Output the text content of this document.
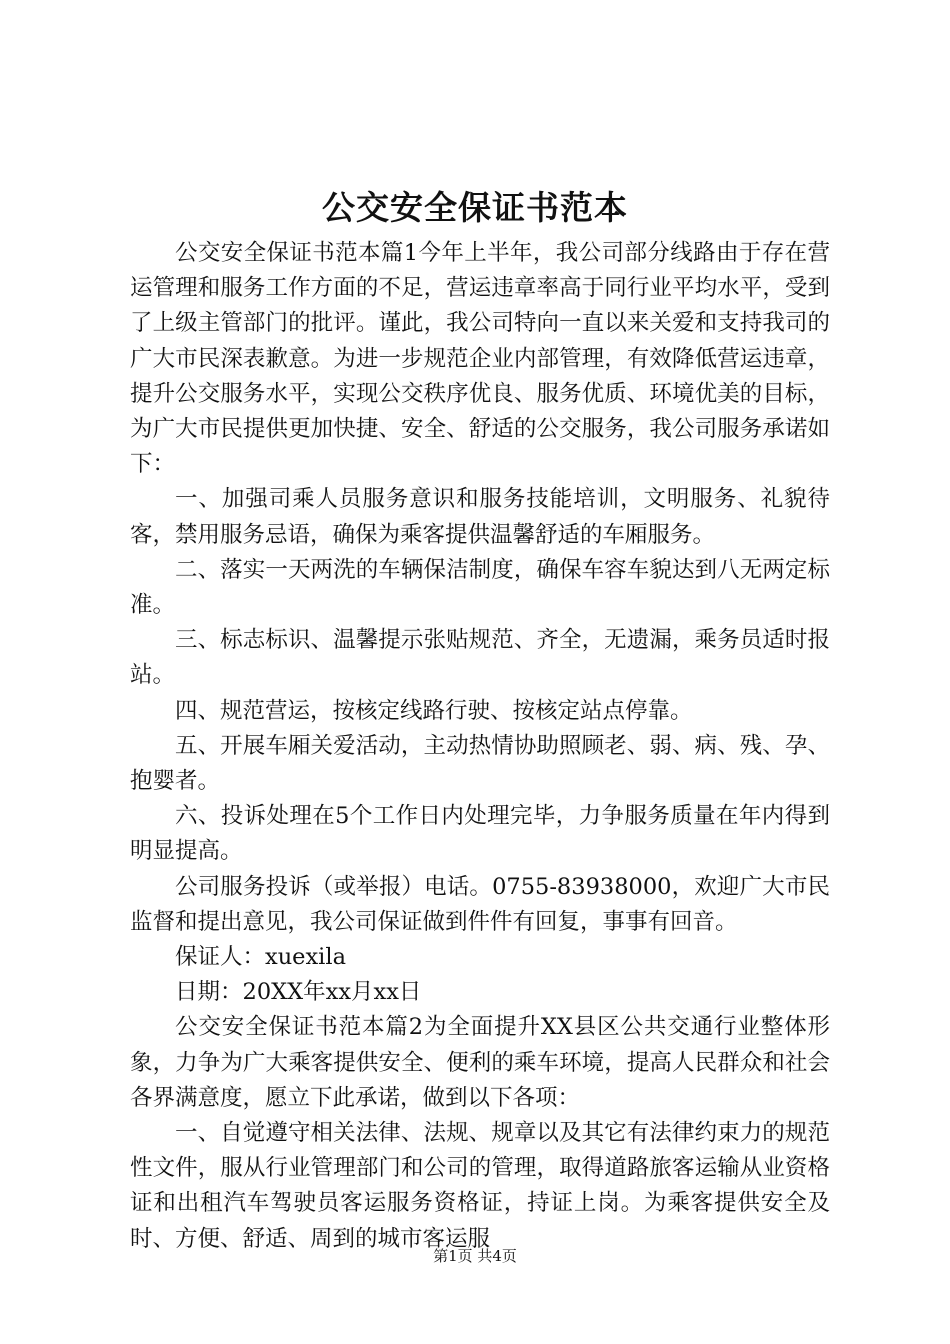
公交安全保证书范本

公交安全保证书范本篇1今年上半年，我公司部分线路由于存在营运管理和服务工作方面的不足，营运违章率高于同行业平均水平，受到了上级主管部门的批评。谨此，我公司特向一直以来关爱和支持我司的广大市民深表歉意。为进一步规范企业内部管理，有效降低营运违章，提升公交服务水平，实现公交秩序优良、服务优质、环境优美的目标，为广大市民提供更加快捷、安全、舒适的公交服务，我公司服务承诺如下：

一、加强司乘人员服务意识和服务技能培训，文明服务、礼貌待客，禁用服务忌语，确保为乘客提供温馨舒适的车厢服务。

二、落实一天两洗的车辆保洁制度，确保车容车貌达到八无两定标准。

三、标志标识、温馨提示张贴规范、齐全，无遗漏，乘务员适时报站。

四、规范营运，按核定线路行驶、按核定站点停靠。

五、开展车厢关爱活动，主动热情协助照顾老、弱、病、残、孕、抱婴者。

六、投诉处理在5个工作日内处理完毕，力争服务质量在年内得到明显提高。

公司服务投诉（或举报）电话。0755-83938000，欢迎广大市民监督和提出意见，我公司保证做到件件有回复，事事有回音。

保证人：xuexila

日期：20XX年xx月xx日

公交安全保证书范本篇2为全面提升XX县区公共交通行业整体形象，力争为广大乘客提供安全、便利的乘车环境，提高人民群众和社会各界满意度，愿立下此承诺，做到以下各项：

一、自觉遵守相关法律、法规、规章以及其它有法律约束力的规范性文件，服从行业管理部门和公司的管理，取得道路旅客运输从业资格证和出租汽车驾驶员客运服务资格证，持证上岗。为乘客提供安全及时、方便、舒适、周到的城市客运服

第1页 共4页
